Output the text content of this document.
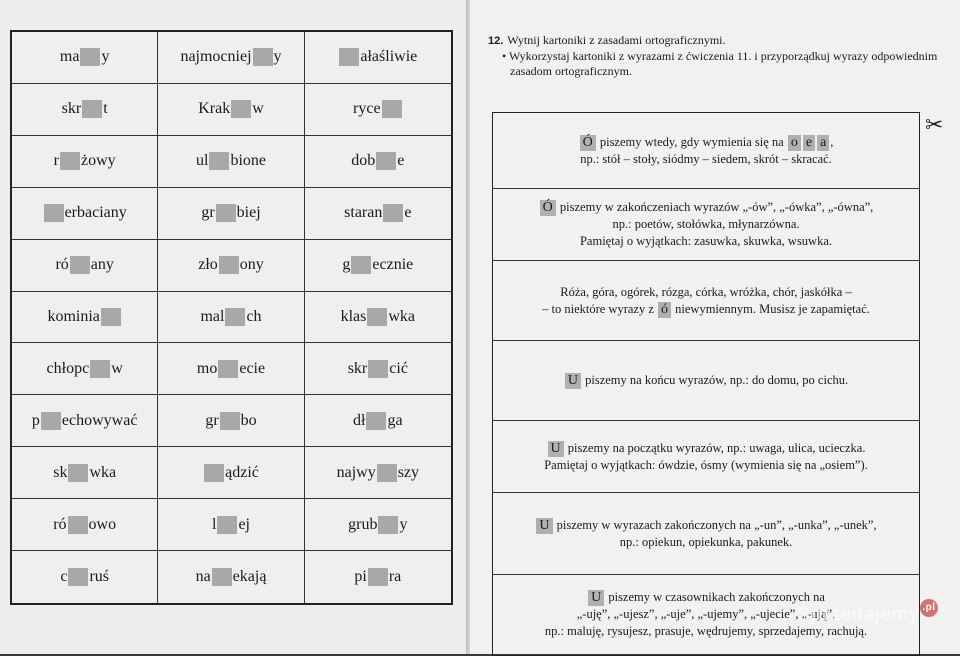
ma y	najmocniej y	ałaśliwie
skr t	Krak w	ryce
r żowy	ul bione	dob e
erbaciany	gr biej	staran e
ró any	zło ony	g ecznie
kominia	mal ch	klas wka
chłopc w	mo ecie	skr cić
p echowywać	gr bo	dł ga
sk wka	ądzić	najwy szy
ró owo	l ej	grub y
c ruś	na ekają	pi ra
12. Wytnij kartoniki z zasadami ortograficznymi.
• Wykorzystaj kartoniki z wyrazami z ćwiczenia 11. i przyporządkuj wyrazy odpowiednim zasadom ortograficznym.
✂
Ó piszemy wtedy, gdy wymienia się na o e a ,
np.: stół – stoły, siódmy – siedem, skrót – skracać.
Ó piszemy w zakończeniach wyrazów „-ów”, „-ówka”, „-ówna”,
np.: poetów, stołówka, młynarzówna.
Pamiętaj o wyjątkach: zasuwka, skuwka, wsuwka.
Róża, góra, ogórek, rózga, córka, wróżka, chór, jaskółka –
– to niektóre wyrazy z ó niewymiennym. Musisz je zapamiętać.
U piszemy na końcu wyrazów, np.: do domu, po cichu.
U piszemy na początku wyrazów, np.: uwaga, ulica, ucieczka.
Pamiętaj o wyjątkach: ówdzie, ósmy (wymienia się na „osiem”).
U piszemy w wyrazach zakończonych na „-un”, „-unka”, „-unek”,
np.: opiekun, opiekunka, pakunek.
U piszemy w czasownikach zakończonych na
„-uję”, „-ujesz”, „-uje”, „-ujemy”, „-ujecie”, „-ują”,
np.: maluję, rysujesz, prasuje, wędrujemy, sprzedajemy, rachują.
Sprzedajemy .pl
